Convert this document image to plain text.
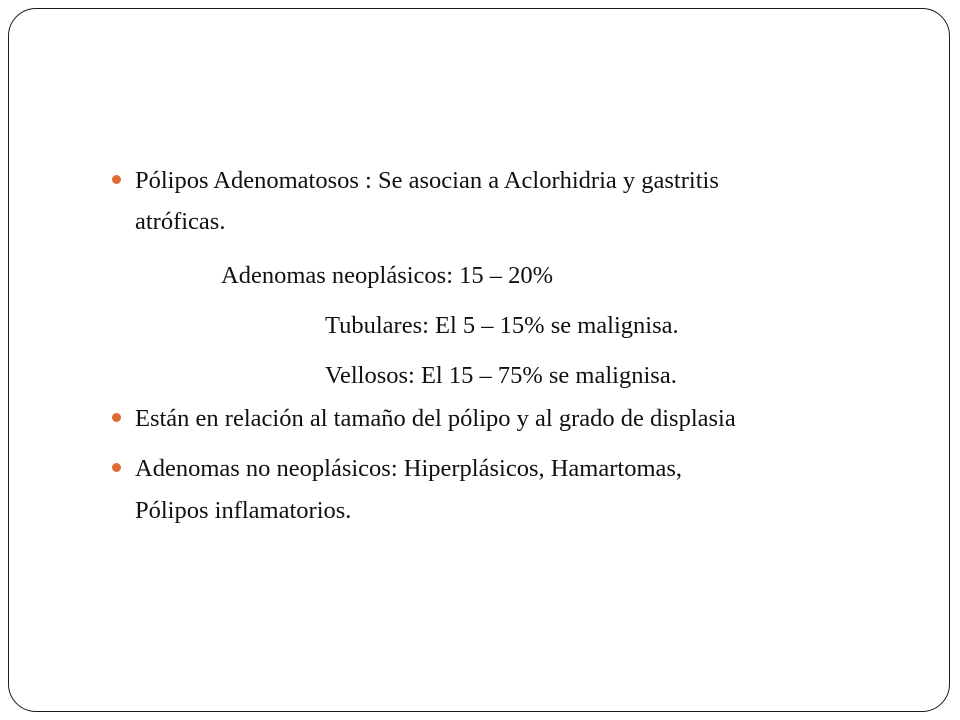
Pólipos Adenomatosos : Se asocian a Aclorhidria y gastritis
atróficas.
Adenomas neoplásicos: 15 – 20%
Tubulares: El 5 – 15% se malignisa.
Vellosos: El 15 – 75% se malignisa.
Están en relación al tamaño del pólipo y al grado de displasia
Adenomas no neoplásicos: Hiperplásicos, Hamartomas,
Pólipos inflamatorios.
